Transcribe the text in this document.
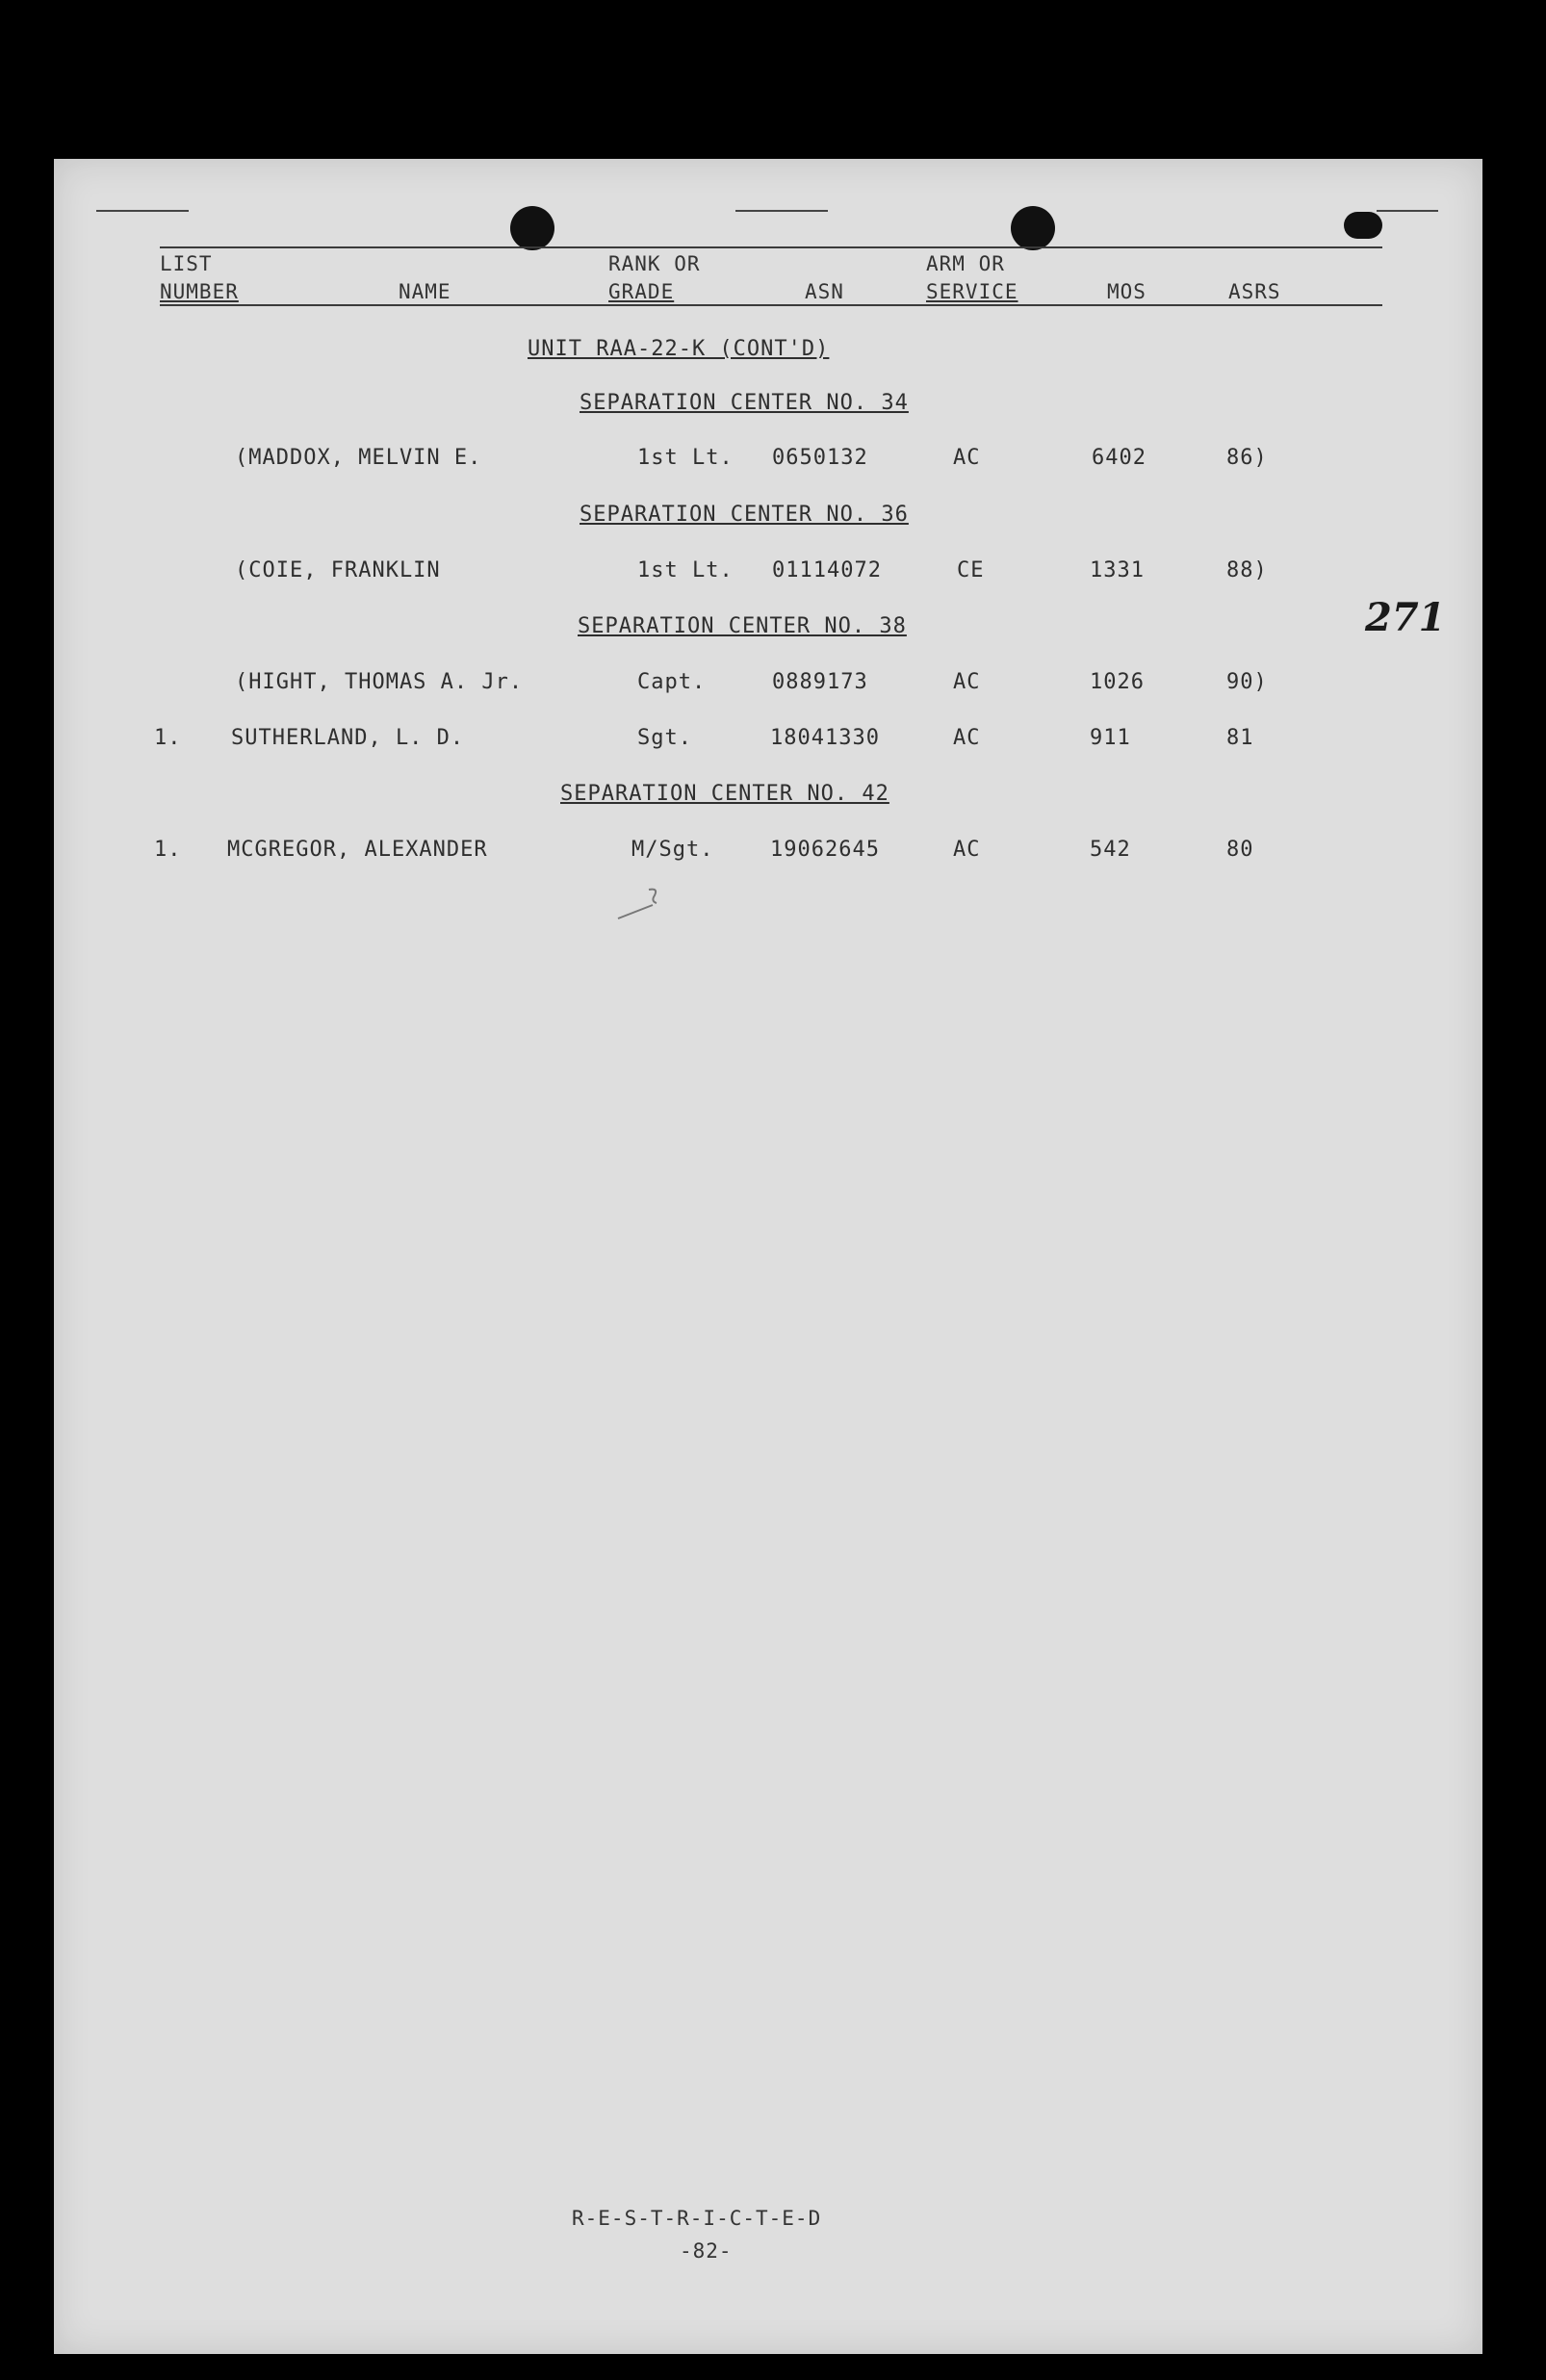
LIST
NUMBER	NAME
RANK OR
GRADE	ASN
ARM OR
SERVICE	MOS	ASRS
UNIT RAA-22-K (CONT'D)
SEPARATION CENTER NO. 34
(MADDOX, MELVIN E.	1st Lt. 0650132	AC	6402	86)
SEPARATION CENTER NO. 36
(COIE, FRANKLIN	1st Lt. 01114072	CE	1331	88)
271
SEPARATION CENTER NO. 38
(HIGHT, THOMAS A. Jr.	Capt.	0889173	AC	1026	90)
1. SUTHERLAND, L. D.	Sgt.	18041330	AC	911	81
SEPARATION CENTER NO. 42
1. MCGREGOR, ALEXANDER	M/Sgt.	19062645	AC	542	80
R-E-S-T-R-I-C-T-E-D
-82-
